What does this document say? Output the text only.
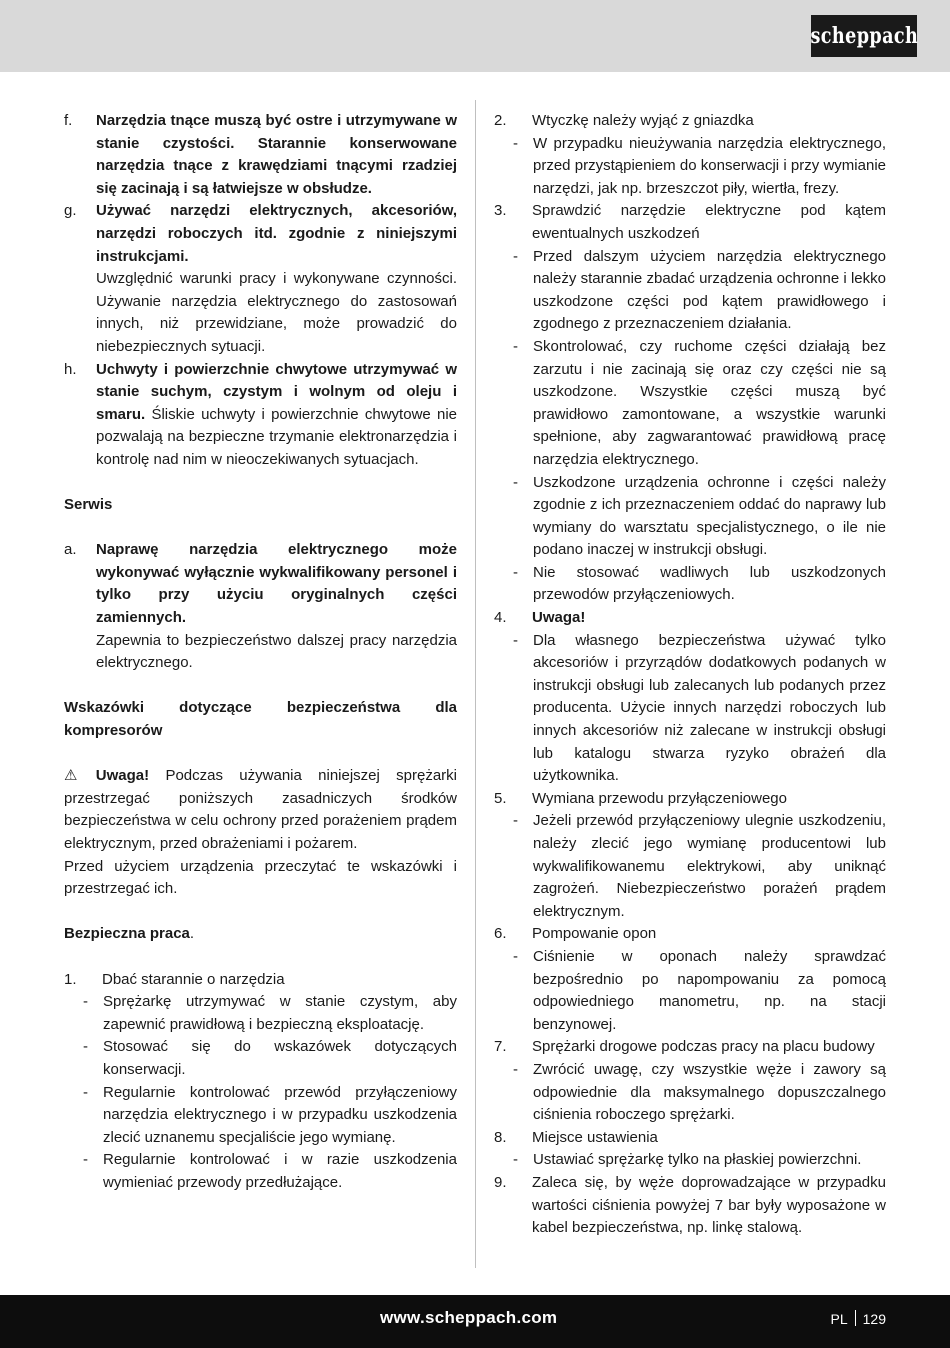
scheppach
f.	Narzędzia tnące muszą być ostre i utrzymywane w stanie czystości. Starannie konserwowane narzędzia tnące z krawędziami tnącymi rzadziej się zacinają i są łatwiejsze w obsłudze.
g.	Używać narzędzi elektrycznych, akcesoriów, narzędzi roboczych itd. zgodnie z niniejszymi instrukcjami.

Uwzględnić warunki pracy i wykonywane czynności. Używanie narzędzia elektrycznego do zastosowań innych, niż przewidziane, może prowadzić do niebezpiecznych sytuacji.

h.	Uchwyty i powierzchnie chwytowe utrzymywać w stanie suchym, czystym i wolnym od oleju i smaru. Śliskie uchwyty i powierzchnie chwytowe nie pozwalają na bezpieczne trzymanie elektronarzędzia i kontrolę nad nim w nieoczekiwanych sytuacjach.

Serwis

a.	Naprawę narzędzia elektrycznego może wykonywać wyłącznie wykwalifikowany personel i tylko przy użyciu oryginalnych części zamiennych.

Zapewnia to bezpieczeństwo dalszej pracy narzędzia elektrycznego.

Wskazówki dotyczące bezpieczeństwa dla kompresorów

⚠ Uwaga! Podczas używania niniejszej sprężarki przestrzegać poniższych zasadniczych środków bezpieczeństwa w celu ochrony przed porażeniem prądem elektrycznym, przed obrażeniami i pożarem.

Przed użyciem urządzenia przeczytać te wskazówki i przestrzegać ich.

Bezpieczna praca.

1.	Dbać starannie o narzędzia
-	Sprężarkę utrzymywać w stanie czystym, aby zapewnić prawidłową i bezpieczną eksploatację.
-	Stosować się do wskazówek dotyczących konserwacji.
-	Regularnie kontrolować przewód przyłączeniowy narzędzia elektrycznego i w przypadku uszkodzenia zlecić uznanemu specjaliście jego wymianę.
-	Regularnie kontrolować i w razie uszkodzenia wymieniać przewody przedłużające.
2.	Wtyczkę należy wyjąć z gniazdka
-	W przypadku nieużywania narzędzia elektrycznego, przed przystąpieniem do konserwacji i przy wymianie narzędzi, jak np. brzeszczot piły, wiertła, frezy.
3.	Sprawdzić narzędzie elektryczne pod kątem ewentualnych uszkodzeń
-	Przed dalszym użyciem narzędzia elektrycznego należy starannie zbadać urządzenia ochronne i lekko uszkodzone części pod kątem prawidłowego i zgodnego z przeznaczeniem działania.
-	Skontrolować, czy ruchome części działają bez zarzutu i nie zacinają się oraz czy części nie są uszkodzone. Wszystkie części muszą być prawidłowo zamontowane, a wszystkie warunki spełnione, aby zagwarantować prawidłową pracę narzędzia elektrycznego.
-	Uszkodzone urządzenia ochronne i części należy zgodnie z ich przeznaczeniem oddać do naprawy lub wymiany do warsztatu specjalistycznego, o ile nie podano inaczej w instrukcji obsługi.
-	Nie stosować wadliwych lub uszkodzonych przewodów przyłączeniowych.
4.	Uwaga!
-	Dla własnego bezpieczeństwa używać tylko akcesoriów i przyrządów dodatkowych podanych w instrukcji obsługi lub zalecanych lub podanych przez producenta. Użycie innych narzędzi roboczych lub innych akcesoriów niż zalecane w instrukcji obsługi lub katalogu stwarza ryzyko obrażeń dla użytkownika.
5.	Wymiana przewodu przyłączeniowego
-	Jeżeli przewód przyłączeniowy ulegnie uszkodzeniu, należy zlecić jego wymianę producentowi lub wykwalifikowanemu elektrykowi, aby uniknąć zagrożeń. Niebezpieczeństwo porażeń prądem elektrycznym.
6.	Pompowanie opon
-	Ciśnienie w oponach należy sprawdzać bezpośrednio po napompowaniu za pomocą odpowiedniego manometru, np. na stacji benzynowej.
7.	Sprężarki drogowe podczas pracy na placu budowy
-	Zwrócić uwagę, czy wszystkie węże i zawory są odpowiednie dla maksymalnego dopuszczalnego ciśnienia roboczego sprężarki.
8.	Miejsce ustawienia
-	Ustawiać sprężarkę tylko na płaskiej powierzchni.
9.	Zaleca się, by węże doprowadzające w przypadku wartości ciśnienia powyżej 7 bar były wyposażone w kabel bezpieczeństwa, np. linkę stalową.
www.scheppach.com	PL 129
